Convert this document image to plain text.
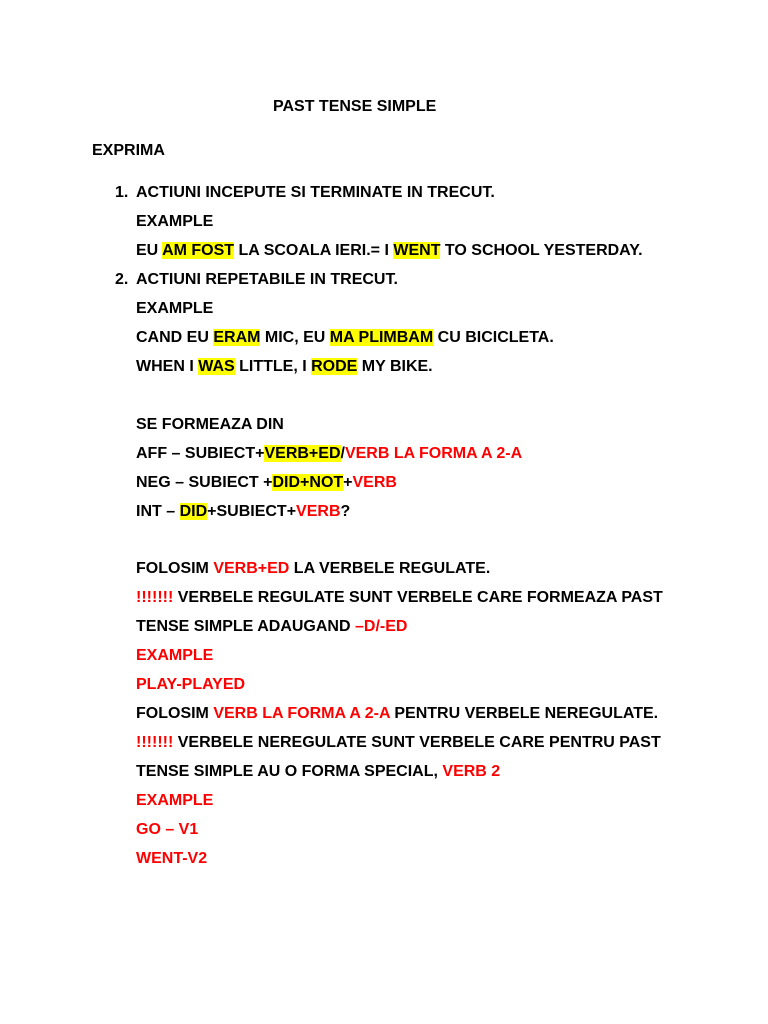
PAST TENSE SIMPLE
EXPRIMA
1. ACTIUNI INCEPUTE SI TERMINATE IN TRECUT.
EXAMPLE
EU AM FOST LA SCOALA IERI.= I WENT TO SCHOOL YESTERDAY.
2. ACTIUNI REPETABILE IN TRECUT.
EXAMPLE
CAND EU ERAM MIC, EU MA PLIMBAM CU BICICLETA.
WHEN I WAS LITTLE, I RODE MY BIKE.
SE FORMEAZA DIN
AFF – SUBIECT+VERB+ED/VERB LA FORMA A 2-A
NEG – SUBIECT +DID+NOT+VERB
INT – DID+SUBIECT+VERB?
FOLOSIM VERB+ED LA VERBELE REGULATE.
!!!!!!! VERBELE REGULATE SUNT VERBELE CARE FORMEAZA PAST
TENSE SIMPLE ADAUGAND –D/-ED
EXAMPLE
PLAY-PLAYED
FOLOSIM VERB LA FORMA A 2-A PENTRU VERBELE NEREGULATE.
!!!!!!! VERBELE NEREGULATE SUNT VERBELE CARE PENTRU PAST
TENSE SIMPLE AU O FORMA SPECIAL, VERB 2
EXAMPLE
GO – V1
WENT-V2
